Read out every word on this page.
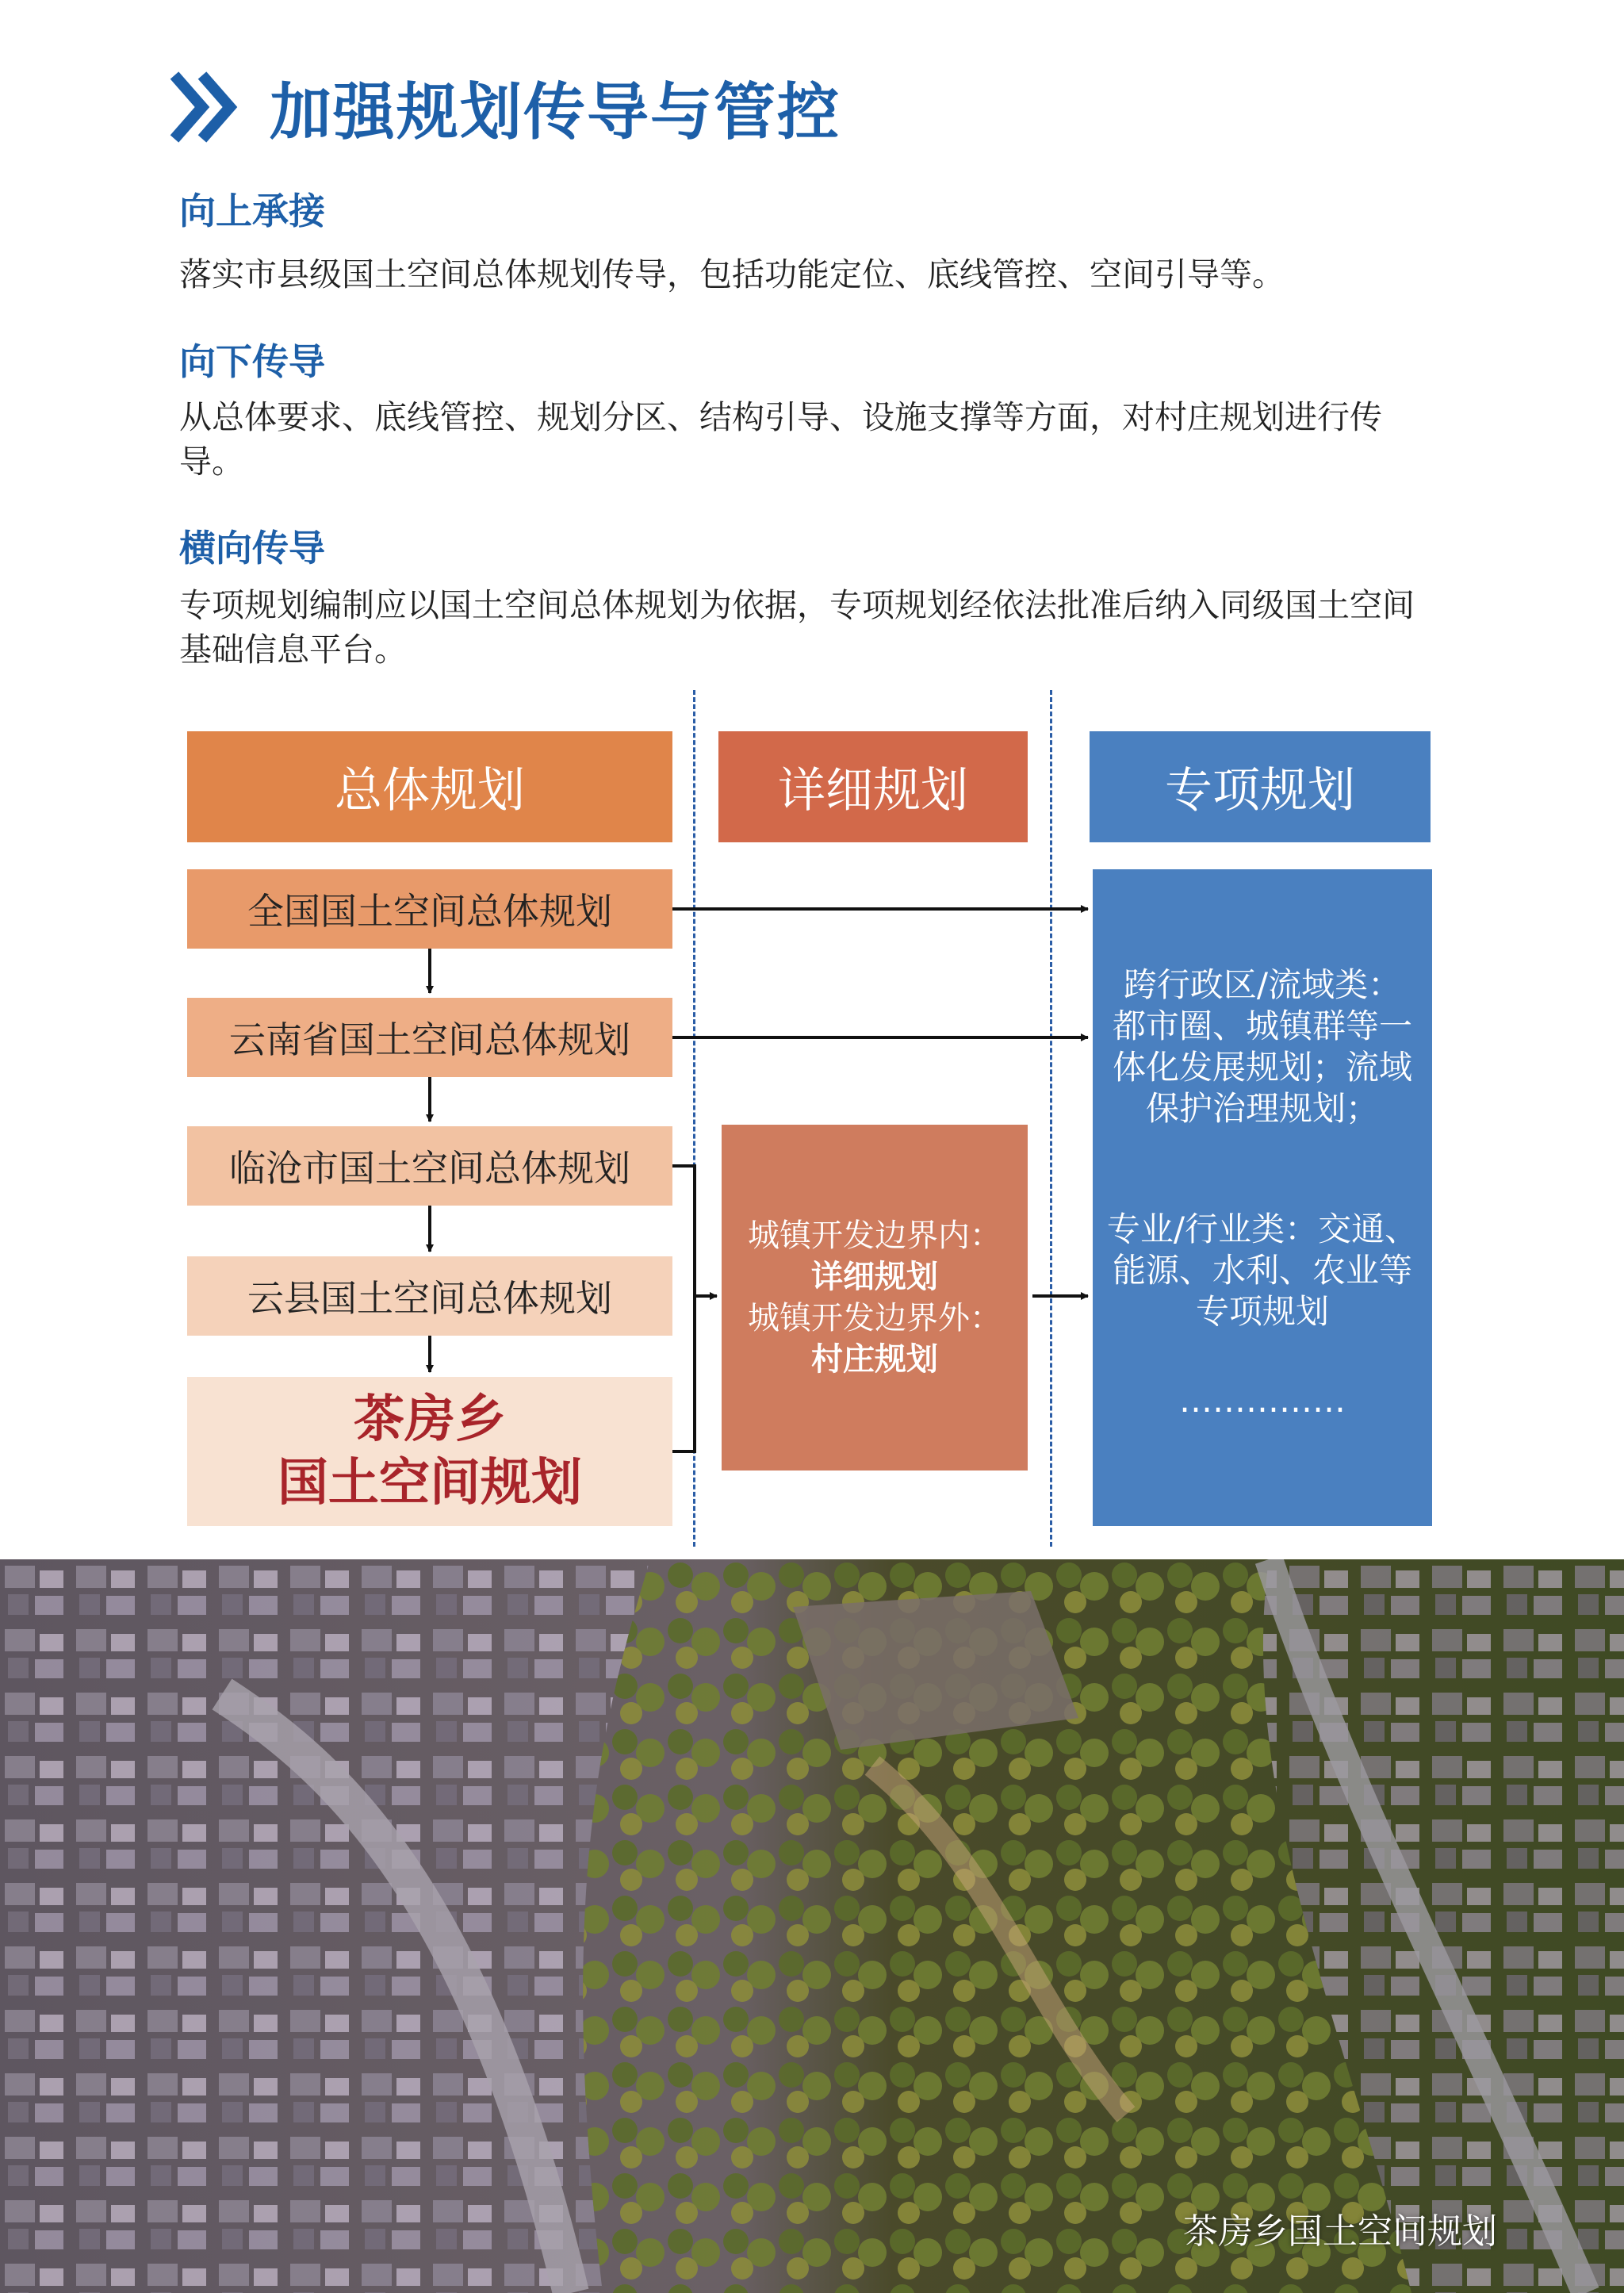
加强规划传导与管控
向上承接
落实市县级国土空间总体规划传导，包括功能定位、底线管控、空间引导等。
向下传导
从总体要求、底线管控、规划分区、结构引导、设施支撑等方面，对村庄规划进行传导。
横向传导
专项规划编制应以国土空间总体规划为依据，专项规划经依法批准后纳入同级国土空间基础信息平台。
总体规划	详细规划	专项规划
全国国土空间总体规划
云南省国土空间总体规划
临沧市国土空间总体规划
云县国土空间总体规划
茶房乡
国土空间规划
城镇开发边界内：
详细规划
城镇开发边界外：
村庄规划

跨行政区/流域类：

都市圈、城镇群等一

体化发展规划；流域

保护治理规划；

专业/行业类：交通、

能源、水利、农业等

专项规划

……………

茶房乡国土空间规划
